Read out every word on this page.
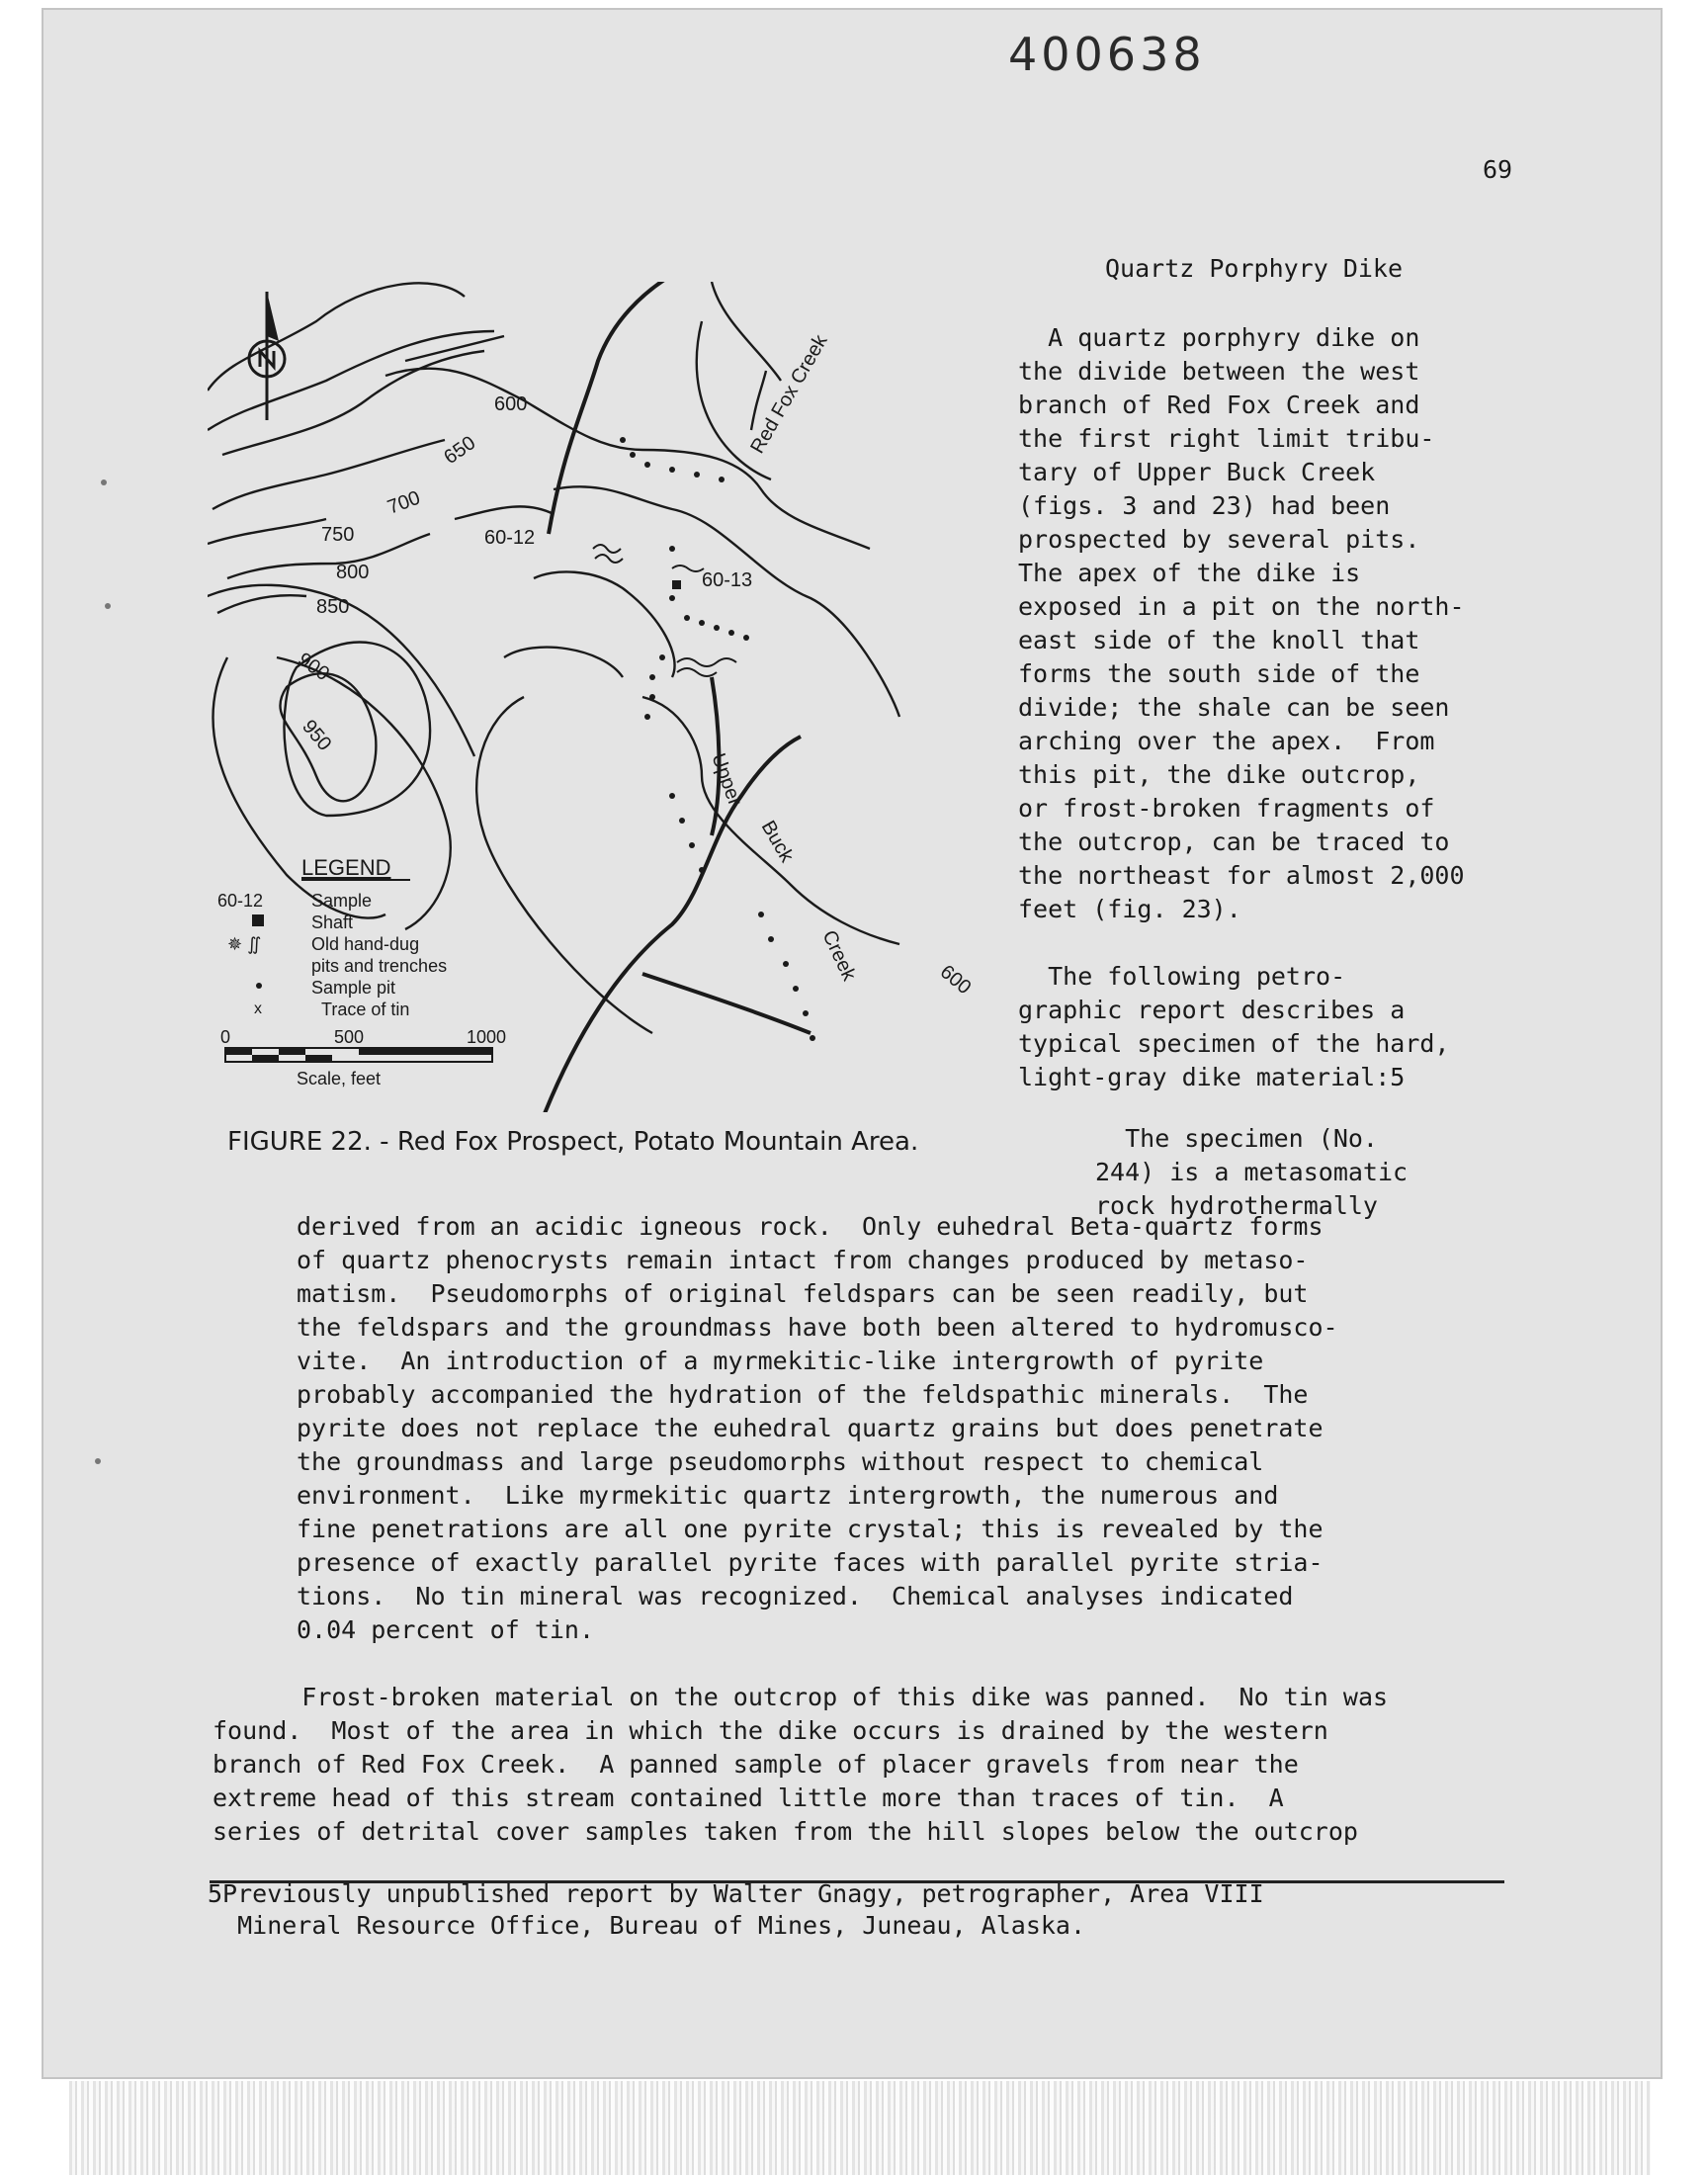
400638
69
Quartz Porphyry Dike
A quartz porphyry dike on
the divide between the west
branch of Red Fox Creek and
the first right limit tribu-
tary of Upper Buck Creek
(figs. 3 and 23) had been
prospected by several pits.
The apex of the dike is
exposed in a pit on the north-
east side of the knoll that
forms the south side of the
divide; the shale can be seen
arching over the apex.  From
this pit, the dike outcrop,
or frost-broken fragments of
the outcrop, can be traced to
the northeast for almost 2,000
feet (fig. 23).

The following petro-
graphic report describes a
typical specimen of the hard,
light-gray dike material:5
The specimen (No.
244) is a metasomatic
rock hydrothermally
derived from an acidic igneous rock.  Only euhedral Beta-quartz forms
of quartz phenocrysts remain intact from changes produced by metaso-
matism.  Pseudomorphs of original feldspars can be seen readily, but
the feldspars and the groundmass have both been altered to hydromusco-
vite.  An introduction of a myrmekitic-like intergrowth of pyrite
probably accompanied the hydration of the feldspathic minerals.  The
pyrite does not replace the euhedral quartz grains but does penetrate
the groundmass and large pseudomorphs without respect to chemical
environment.  Like myrmekitic quartz intergrowth, the numerous and
fine penetrations are all one pyrite crystal; this is revealed by the
presence of exactly parallel pyrite faces with parallel pyrite stria-
tions.  No tin mineral was recognized.  Chemical analyses indicated
0.04 percent of tin.
Frost-broken material on the outcrop of this dike was panned.  No tin was
found.  Most of the area in which the dike occurs is drained by the western
branch of Red Fox Creek.  A panned sample of placer gravels from near the
extreme head of this stream contained little more than traces of tin.  A
series of detrital cover samples taken from the hill slopes below the outcrop
5Previously unpublished report by Walter Gnagy, petrographer, Area VIII
Mineral Resource Office, Bureau of Mines, Juneau, Alaska.
600
650
700
750
800
850
900
950
600
60-12
60-13
Red Fox Creek
Upper
Buck
Creek
LEGEND
60-12	Sample
Shaft
✵ ∬	Old hand-dug
pits and trenches
Sample pit
x	Trace of tin
0	500	1000
Scale, feet
FIGURE 22. - Red Fox Prospect, Potato Mountain Area.
